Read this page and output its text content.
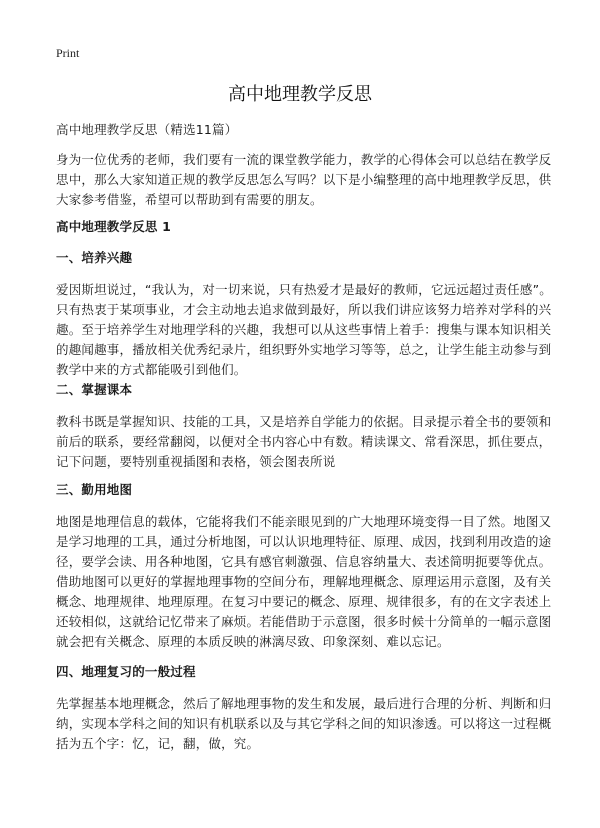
Print
高中地理教学反思
高中地理教学反思（精选11篇）
身为一位优秀的老师，我们要有一流的课堂教学能力，教学的心得体会可以总结在教学反思中，那么大家知道正规的教学反思怎么写吗？以下是小编整理的高中地理教学反思，供大家参考借鉴，希望可以帮助到有需要的朋友。
高中地理教学反思 1
一、培养兴趣
爱因斯坦说过，“我认为，对一切来说，只有热爱才是最好的教师，它远远超过责任感”。只有热衷于某项事业，才会主动地去追求做到最好，所以我们讲应该努力培养对学科的兴趣。至于培养学生对地理学科的兴趣，我想可以从这些事情上着手：搜集与课本知识相关的趣闻趣事，播放相关优秀纪录片，组织野外实地学习等等，总之，让学生能主动参与到教学中来的方式都能吸引到他们。
二、掌握课本
教科书既是掌握知识、技能的工具，又是培养自学能力的依据。目录提示着全书的要领和前后的联系，要经常翻阅，以便对全书内容心中有数。精读课文、常看深思，抓住要点，记下问题，要特别重视插图和表格，领会图表所说
三、勤用地图
地图是地理信息的载体，它能将我们不能亲眼见到的广大地理环境变得一目了然。地图又是学习地理的工具，通过分析地图，可以认识地理特征、原理、成因，找到利用改造的途径，要学会读、用各种地图，它具有感官刺激强、信息容纳量大、表述简明扼要等优点。借助地图可以更好的掌握地理事物的空间分布，理解地理概念、原理运用示意图，及有关概念、地理规律、地理原理。在复习中要记的概念、原理、规律很多，有的在文字表述上还较相似，这就给记忆带来了麻烦。若能借助于示意图，很多时候十分简单的一幅示意图就会把有关概念、原理的本质反映的淋漓尽致、印象深刻、难以忘记。
四、地理复习的一般过程
先掌握基本地理概念，然后了解地理事物的发生和发展，最后进行合理的分析、判断和归纳，实现本学科之间的知识有机联系以及与其它学科之间的知识渗透。可以将这一过程概括为五个字：忆，记，翻，做，究。
